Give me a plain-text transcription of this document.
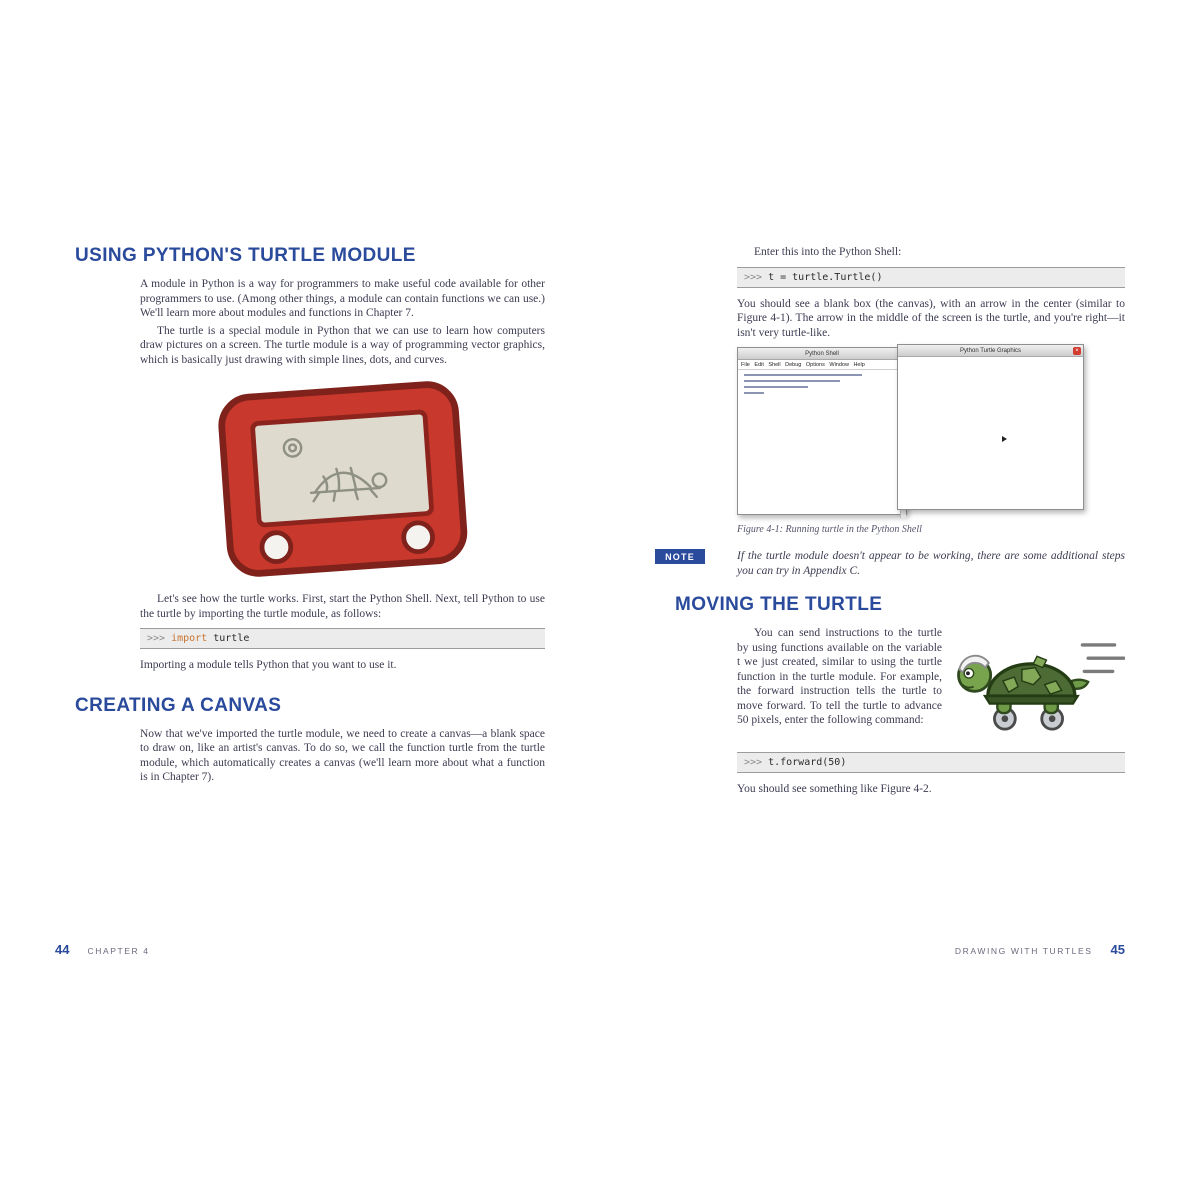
USING PYTHON'S TURTLE MODULE

A module in Python is a way for programmers to make useful code available for other programmers to use. (Among other things, a module can contain functions we can use.) We'll learn more about modules and functions in Chapter 7.

The turtle is a special module in Python that we can use to learn how computers draw pictures on a screen. The turtle module is a way of programming vector graphics, which is basically just drawing with simple lines, dots, and curves.

Let's see how the turtle works. First, start the Python Shell. Next, tell Python to use the turtle by importing the turtle module, as follows:

>>> import turtle

Importing a module tells Python that you want to use it.

CREATING A CANVAS

Now that we've imported the turtle module, we need to create a canvas—a blank space to draw on, like an artist's canvas. To do so, we call the function turtle from the turtle module, which automatically creates a canvas (we'll learn more about what a function is in Chapter 7).

Enter this into the Python Shell:

>>> t = turtle.Turtle()

You should see a blank box (the canvas), with an arrow in the center (similar to Figure 4-1). The arrow in the middle of the screen is the turtle, and you're right—it isn't very turtle-like.

Python Shell
File Edit Shell Debug Options Window Help
Python Turtle Graphics	×
Figure 4-1: Running turtle in the Python Shell
NOTE	If the turtle module doesn't appear to be working, there are some additional steps you can try in Appendix C.
MOVING THE TURTLE

You can send instructions to the turtle by using functions available on the variable t we just created, similar to using the turtle function in the turtle module. For example, the forward instruction tells the turtle to move forward. To tell the turtle to advance 50 pixels, enter the following command:

>>> t.forward(50)

You should see something like Figure 4-2.

44 CHAPTER 4	DRAWING WITH TURTLES 45
